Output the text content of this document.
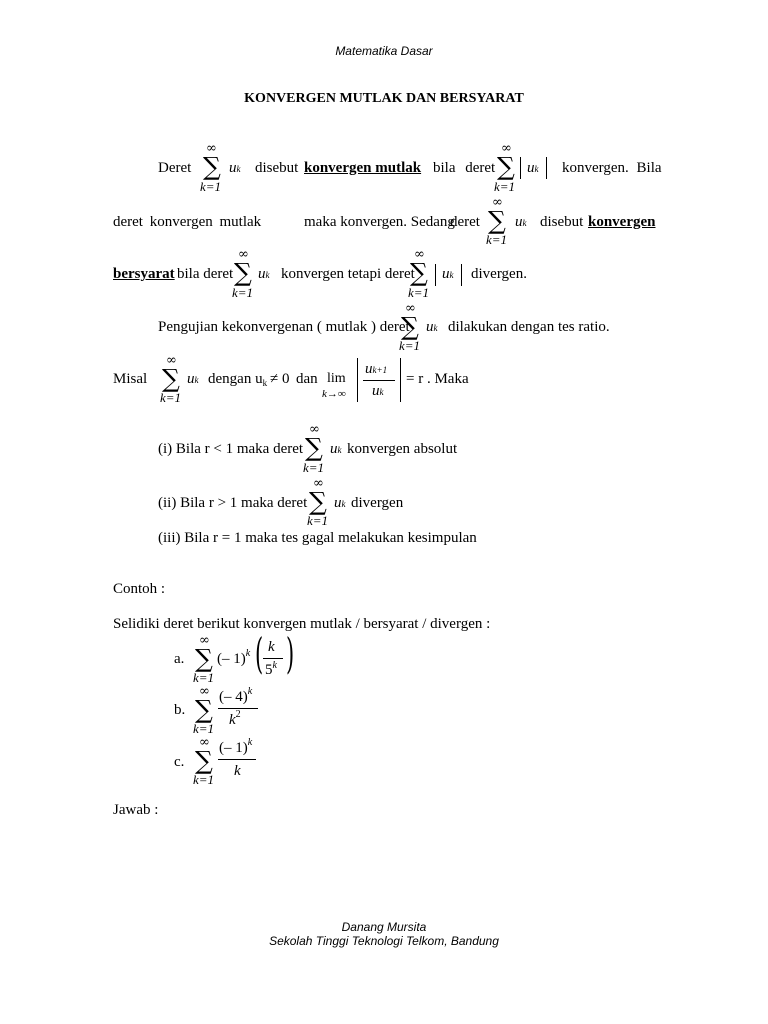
Matematika Dasar
KONVERGEN MUTLAK DAN BERSYARAT
Deret
∞
∑
k=1
uk disebut konvergen mutlak bila deret
∞
∑
k=1
uk konvergen. Bila
deret konvergen mutlak	maka konvergen. Sedang
deret
∞
∑
k=1
uk disebut konvergen
bersyarat bila deret
∞
∑
k=1
uk konvergen tetapi deret
∞
∑
k=1
uk divergen.
Pengujian kekonvergenan ( mutlak ) deret
∞
∑
k=1
uk dilakukan dengan tes ratio.
Misal
∞
∑
k=1
uk dengan $u_k \ne 0$ dan lim
k→∞
uk+1
uk
= r . Maka
(i) Bila r < 1 maka deret
∞
∑
k=1
uk konvergen absolut
(ii) Bila r > 1 maka deret
∞
∑
k=1
uk divergen
(iii) Bila r = 1 maka tes gagal melakukan kesimpulan
Contoh :
Selidiki deret berikut konvergen mutlak / bersyarat / divergen :
a.
∞
∑
k=1
(– 1)$^k$ ( k
5$^k$ )
b.
∞
∑
k=1
(– 4)$^k$
$k^2$
c.
∞
∑
k=1
(– 1)$^k$
k
Jawab :
Danang Mursita
Sekolah Tinggi Teknologi Telkom, Bandung
